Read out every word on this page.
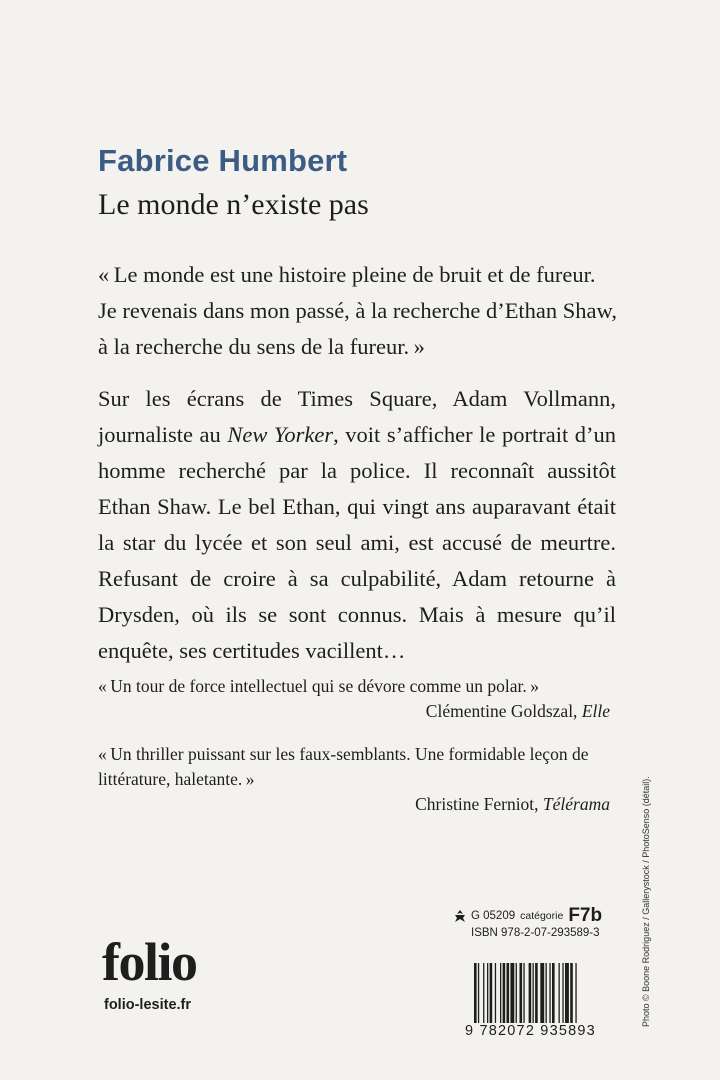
Fabrice Humbert
Le monde n’existe pas
« Le monde est une histoire pleine de bruit et de fureur.
Je revenais dans mon passé, à la recherche d’Ethan Shaw,
à la recherche du sens de la fureur. »
Sur les écrans de Times Square, Adam Vollmann,
journaliste au New Yorker, voit s’afficher le portrait d’un
homme recherché par la police. Il reconnaît aussitôt
Ethan Shaw. Le bel Ethan, qui vingt ans auparavant était
la star du lycée et son seul ami, est accusé de meurtre.
Refusant de croire à sa culpabilité, Adam retourne à
Drysden, où ils se sont connus. Mais à mesure qu’il
enquête, ses certitudes vacillent…
« Un tour de force intellectuel qui se dévore comme un polar. »
Clémentine Goldszal, Elle
« Un thriller puissant sur les faux-semblants. Une formidable leçon de
littérature, haletante. »
Christine Ferniot, Télérama
G 05209 catégorie F7b
ISBN 978-2-07-293589-3
9 782072 935893
folio
folio-lesite.fr	Photo © Boone Rodriguez / Gallerystock / PhotoSenso (détail).
